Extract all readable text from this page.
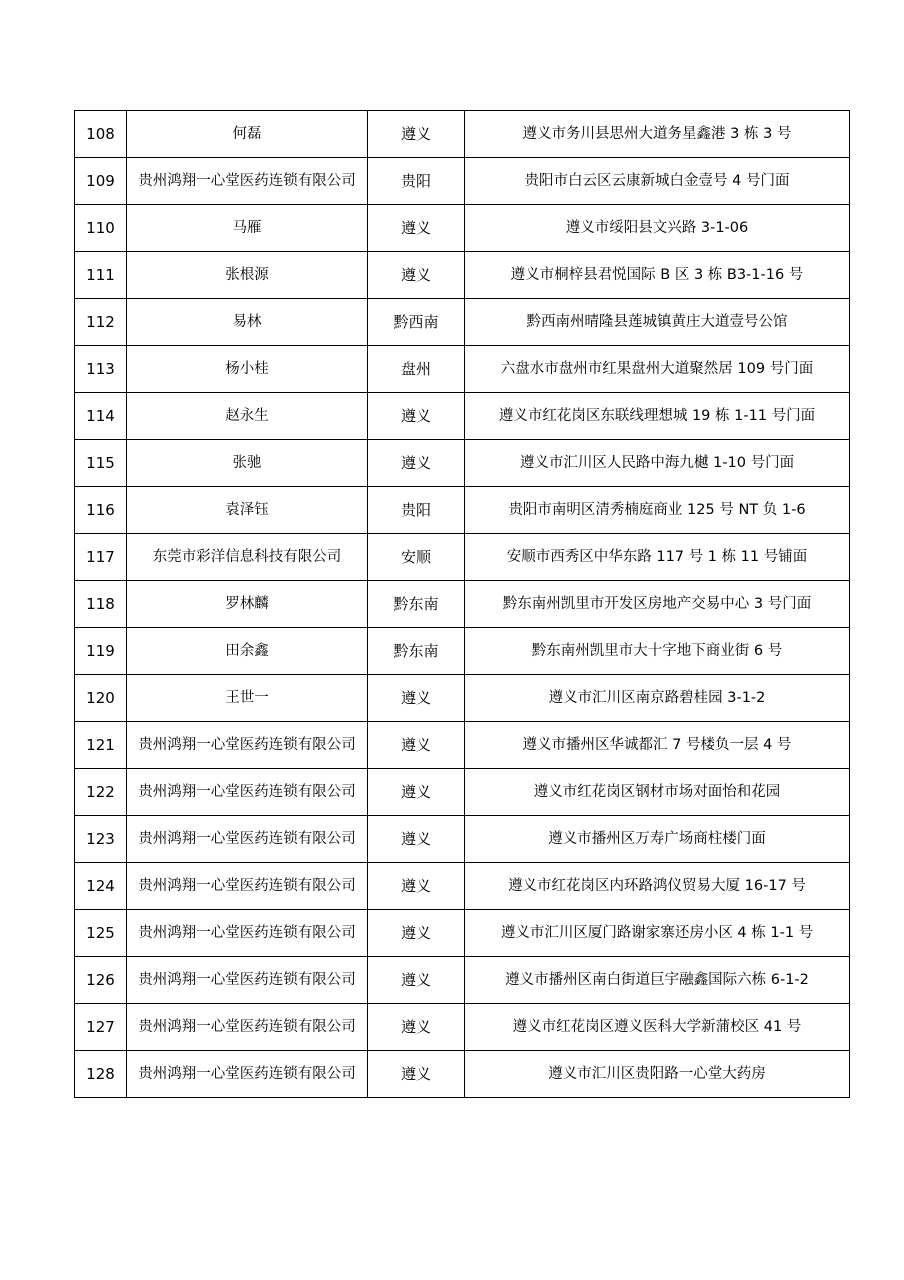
108	何磊	遵义	遵义市务川县思州大道务星鑫港 3 栋 3 号
109	贵州鸿翔一心堂医药连锁有限公司	贵阳	贵阳市白云区云康新城白金壹号 4 号门面
110	马雁	遵义	遵义市绥阳县文兴路 3-1-06
111	张根源	遵义	遵义市桐梓县君悦国际 B 区 3 栋 B3-1-16 号
112	易林	黔西南	黔西南州晴隆县莲城镇黄庄大道壹号公馆
113	杨小桂	盘州	六盘水市盘州市红果盘州大道聚然居 109 号门面
114	赵永生	遵义	遵义市红花岗区东联线理想城 19 栋 1-11 号门面
115	张驰	遵义	遵义市汇川区人民路中海九樾 1-10 号门面
116	袁泽钰	贵阳	贵阳市南明区清秀楠庭商业 125 号 NT 负 1-6
117	东莞市彩洋信息科技有限公司	安顺	安顺市西秀区中华东路 117 号 1 栋 11 号铺面
118	罗林麟	黔东南	黔东南州凯里市开发区房地产交易中心 3 号门面
119	田余鑫	黔东南	黔东南州凯里市大十字地下商业街 6 号
120	王世一	遵义	遵义市汇川区南京路碧桂园 3-1-2
121	贵州鸿翔一心堂医药连锁有限公司	遵义	遵义市播州区华诚都汇 7 号楼负一层 4 号
122	贵州鸿翔一心堂医药连锁有限公司	遵义	遵义市红花岗区钢材市场对面怡和花园
123	贵州鸿翔一心堂医药连锁有限公司	遵义	遵义市播州区万寿广场商柱楼门面
124	贵州鸿翔一心堂医药连锁有限公司	遵义	遵义市红花岗区内环路鸿仪贸易大厦 16-17 号
125	贵州鸿翔一心堂医药连锁有限公司	遵义	遵义市汇川区厦门路谢家寨还房小区 4 栋 1-1 号
126	贵州鸿翔一心堂医药连锁有限公司	遵义	遵义市播州区南白街道巨宇融鑫国际六栋 6-1-2
127	贵州鸿翔一心堂医药连锁有限公司	遵义	遵义市红花岗区遵义医科大学新蒲校区 41 号
128	贵州鸿翔一心堂医药连锁有限公司	遵义	遵义市汇川区贵阳路一心堂大药房
